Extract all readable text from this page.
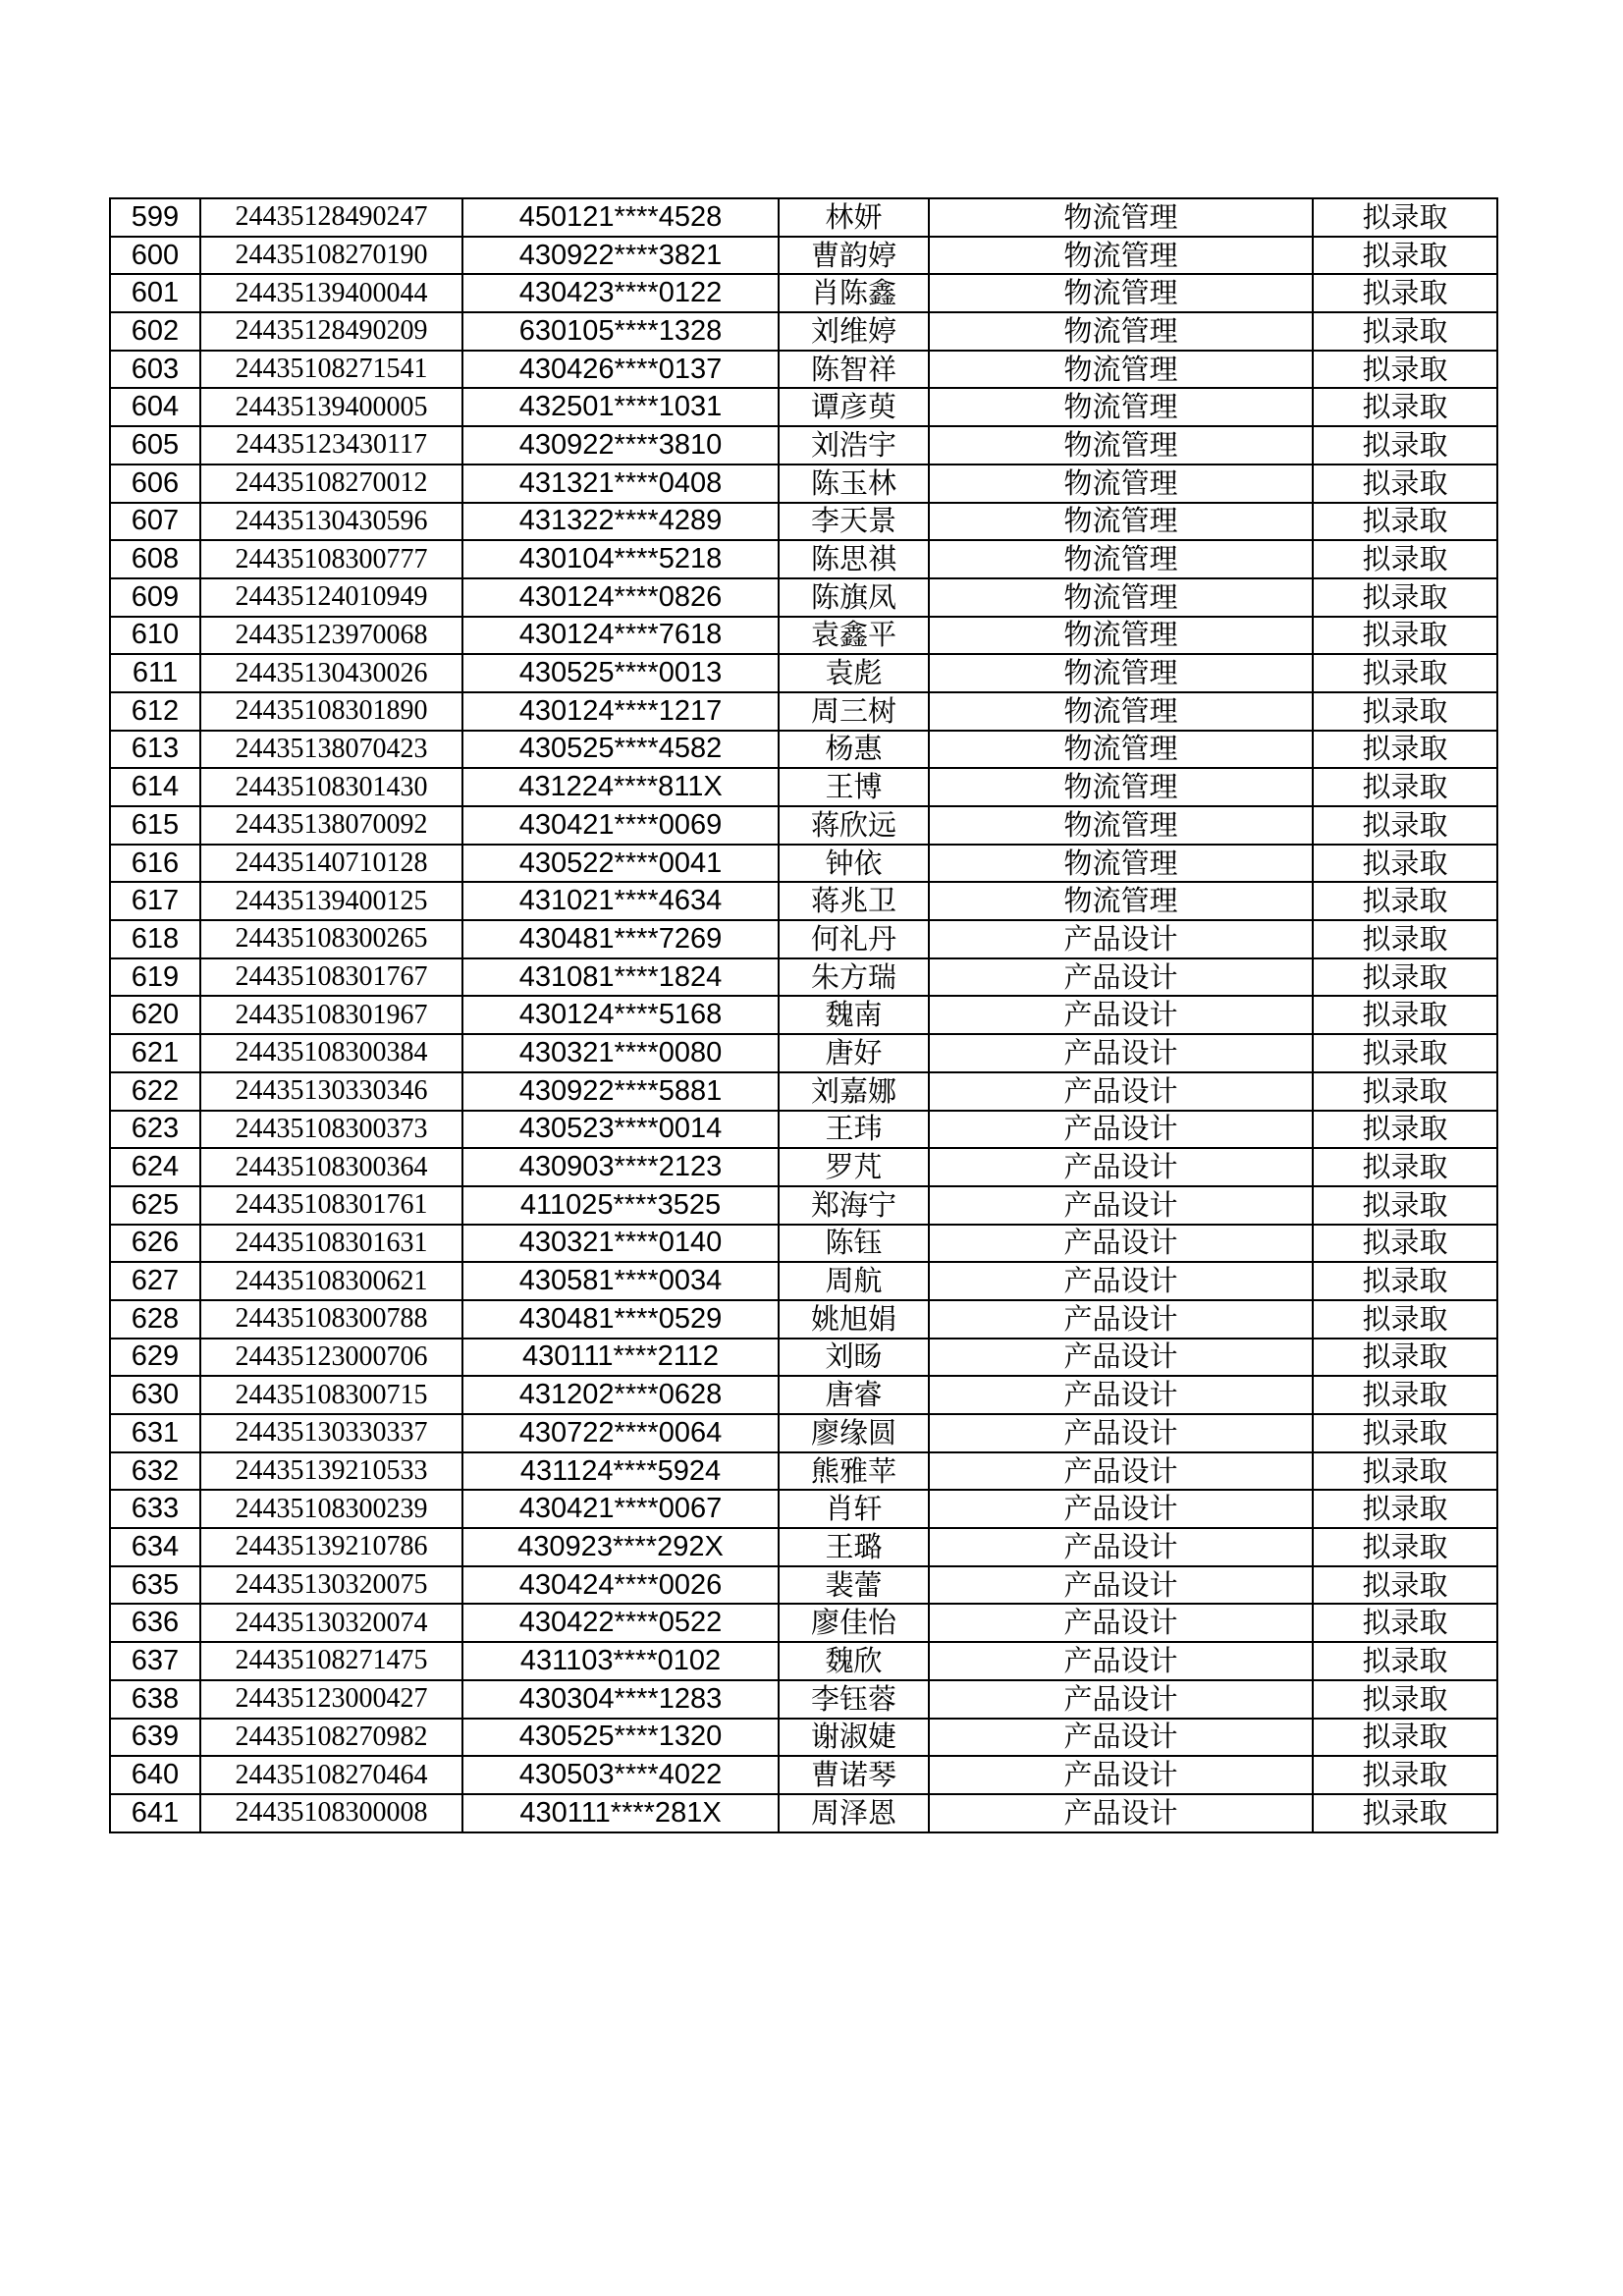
599	24435128490247	450121****4528	林妍	物流管理	拟录取
600	24435108270190	430922****3821	曹韵婷	物流管理	拟录取
601	24435139400044	430423****0122	肖陈鑫	物流管理	拟录取
602	24435128490209	630105****1328	刘维婷	物流管理	拟录取
603	24435108271541	430426****0137	陈智祥	物流管理	拟录取
604	24435139400005	432501****1031	谭彦萸	物流管理	拟录取
605	24435123430117	430922****3810	刘浩宇	物流管理	拟录取
606	24435108270012	431321****0408	陈玉林	物流管理	拟录取
607	24435130430596	431322****4289	李天景	物流管理	拟录取
608	24435108300777	430104****5218	陈思祺	物流管理	拟录取
609	24435124010949	430124****0826	陈旗凤	物流管理	拟录取
610	24435123970068	430124****7618	袁鑫平	物流管理	拟录取
611	24435130430026	430525****0013	袁彪	物流管理	拟录取
612	24435108301890	430124****1217	周三树	物流管理	拟录取
613	24435138070423	430525****4582	杨惠	物流管理	拟录取
614	24435108301430	431224****811X	王博	物流管理	拟录取
615	24435138070092	430421****0069	蒋欣远	物流管理	拟录取
616	24435140710128	430522****0041	钟依	物流管理	拟录取
617	24435139400125	431021****4634	蒋兆卫	物流管理	拟录取
618	24435108300265	430481****7269	何礼丹	产品设计	拟录取
619	24435108301767	431081****1824	朱方瑞	产品设计	拟录取
620	24435108301967	430124****5168	魏南	产品设计	拟录取
621	24435108300384	430321****0080	唐好	产品设计	拟录取
622	24435130330346	430922****5881	刘嘉娜	产品设计	拟录取
623	24435108300373	430523****0014	王玮	产品设计	拟录取
624	24435108300364	430903****2123	罗芃	产品设计	拟录取
625	24435108301761	411025****3525	郑海宁	产品设计	拟录取
626	24435108301631	430321****0140	陈钰	产品设计	拟录取
627	24435108300621	430581****0034	周航	产品设计	拟录取
628	24435108300788	430481****0529	姚旭娟	产品设计	拟录取
629	24435123000706	430111****2112	刘旸	产品设计	拟录取
630	24435108300715	431202****0628	唐睿	产品设计	拟录取
631	24435130330337	430722****0064	廖缘圆	产品设计	拟录取
632	24435139210533	431124****5924	熊雅苹	产品设计	拟录取
633	24435108300239	430421****0067	肖轩	产品设计	拟录取
634	24435139210786	430923****292X	王璐	产品设计	拟录取
635	24435130320075	430424****0026	裴蕾	产品设计	拟录取
636	24435130320074	430422****0522	廖佳怡	产品设计	拟录取
637	24435108271475	431103****0102	魏欣	产品设计	拟录取
638	24435123000427	430304****1283	李钰蓉	产品设计	拟录取
639	24435108270982	430525****1320	谢淑婕	产品设计	拟录取
640	24435108270464	430503****4022	曹诺琴	产品设计	拟录取
641	24435108300008	430111****281X	周泽恩	产品设计	拟录取
